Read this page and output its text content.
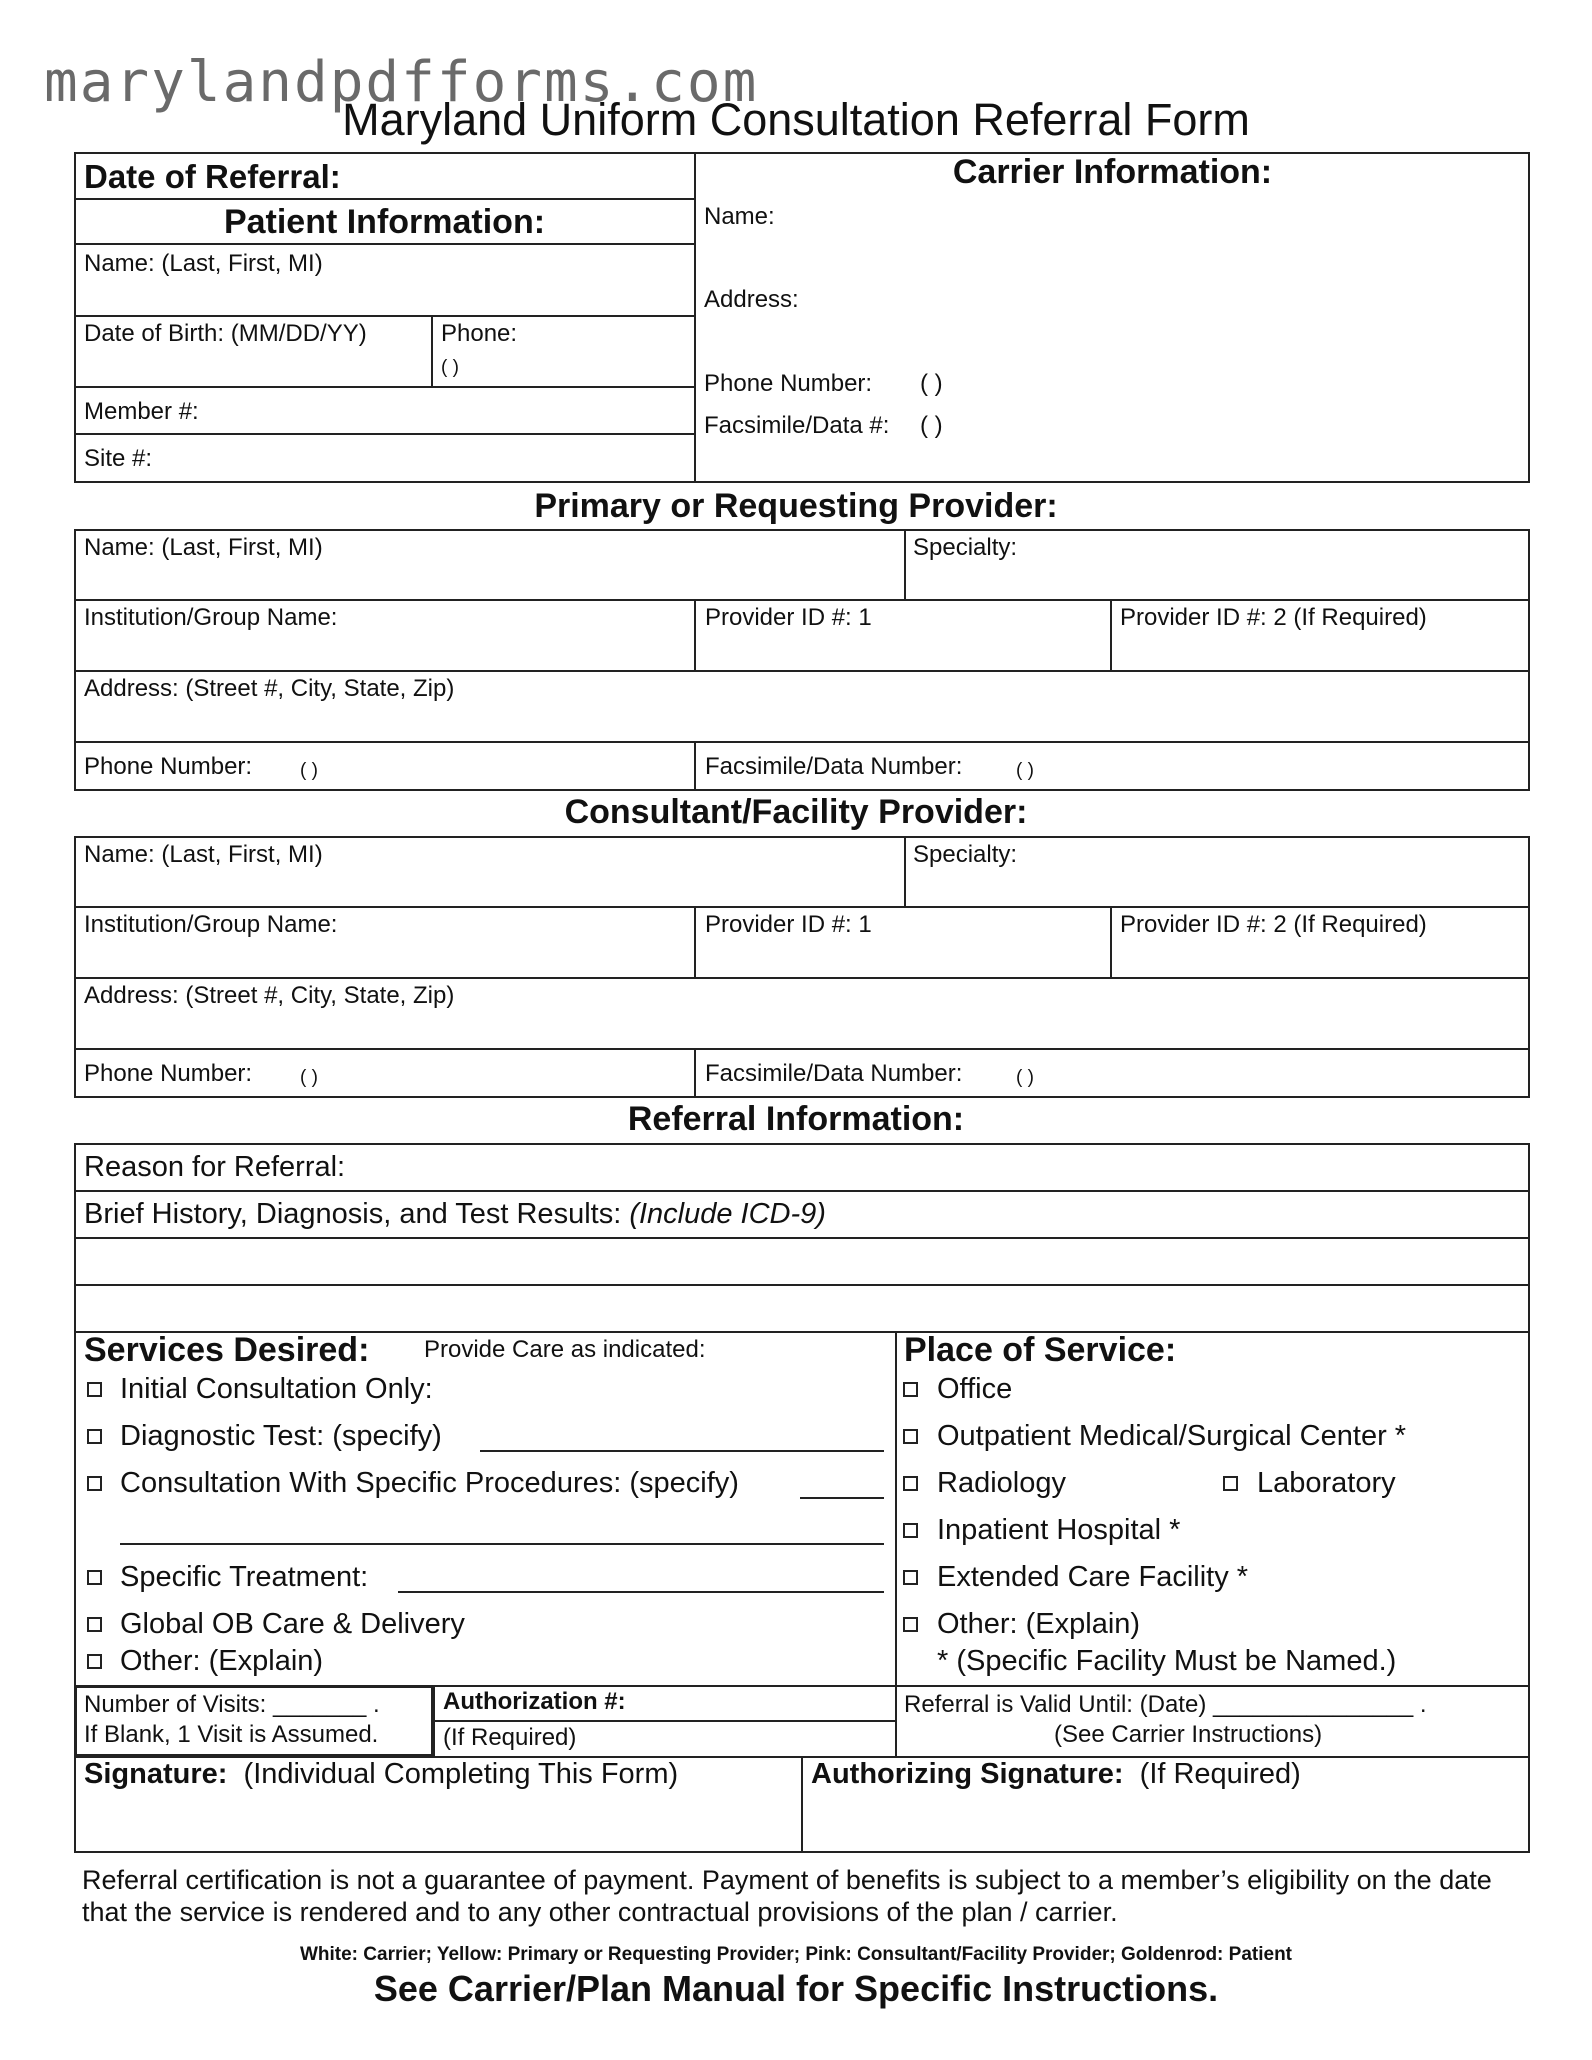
marylandpdfforms.com
Maryland Uniform Consultation Referral Form
Date of Referral:
Patient Information:
Name: (Last, First, MI)
Date of Birth: (MM/DD/YY)	Phone:
( )
Member #:
Site #:
Carrier Information:
Name:
Address:
Phone Number: ( )
Facsimile/Data #: ( )
Primary or Requesting Provider:
Name: (Last, First, MI)	Specialty:
Institution/Group Name:	Provider ID #: 1	Provider ID #: 2 (If Required)
Address: (Street #, City, State, Zip)
Phone Number:	( )	Facsimile/Data Number:	( )
Consultant/Facility Provider:
Name: (Last, First, MI)	Specialty:
Institution/Group Name:	Provider ID #: 1	Provider ID #: 2 (If Required)
Address: (Street #, City, State, Zip)
Phone Number:	( )	Facsimile/Data Number:	( )
Referral Information:
Reason for Referral:
Brief History, Diagnosis, and Test Results: (Include ICD-9)
Services Desired: Provide Care as indicated:
Initial Consultation Only:
Diagnostic Test: (specify)
Consultation With Specific Procedures: (specify)
Specific Treatment:
Global OB Care & Delivery
Other: (Explain)
Place of Service:
Office
Outpatient Medical/Surgical Center *
Radiology	Laboratory
Inpatient Hospital *
Extended Care Facility *
Other: (Explain)
* (Specific Facility Must be Named.)
Number of Visits: _______ .
If Blank, 1 Visit is Assumed.
Authorization #:
(If Required)
Referral is Valid Until: (Date) _______________ .
(See Carrier Instructions)
Signature: (Individual Completing This Form)	Authorizing Signature: (If Required)
Referral certification is not a guarantee of payment. Payment of benefits is subject to a member’s eligibility on the date that the service is rendered and to any other contractual provisions of the plan / carrier.
White: Carrier; Yellow: Primary or Requesting Provider; Pink: Consultant/Facility Provider; Goldenrod: Patient
See Carrier/Plan Manual for Specific Instructions.
